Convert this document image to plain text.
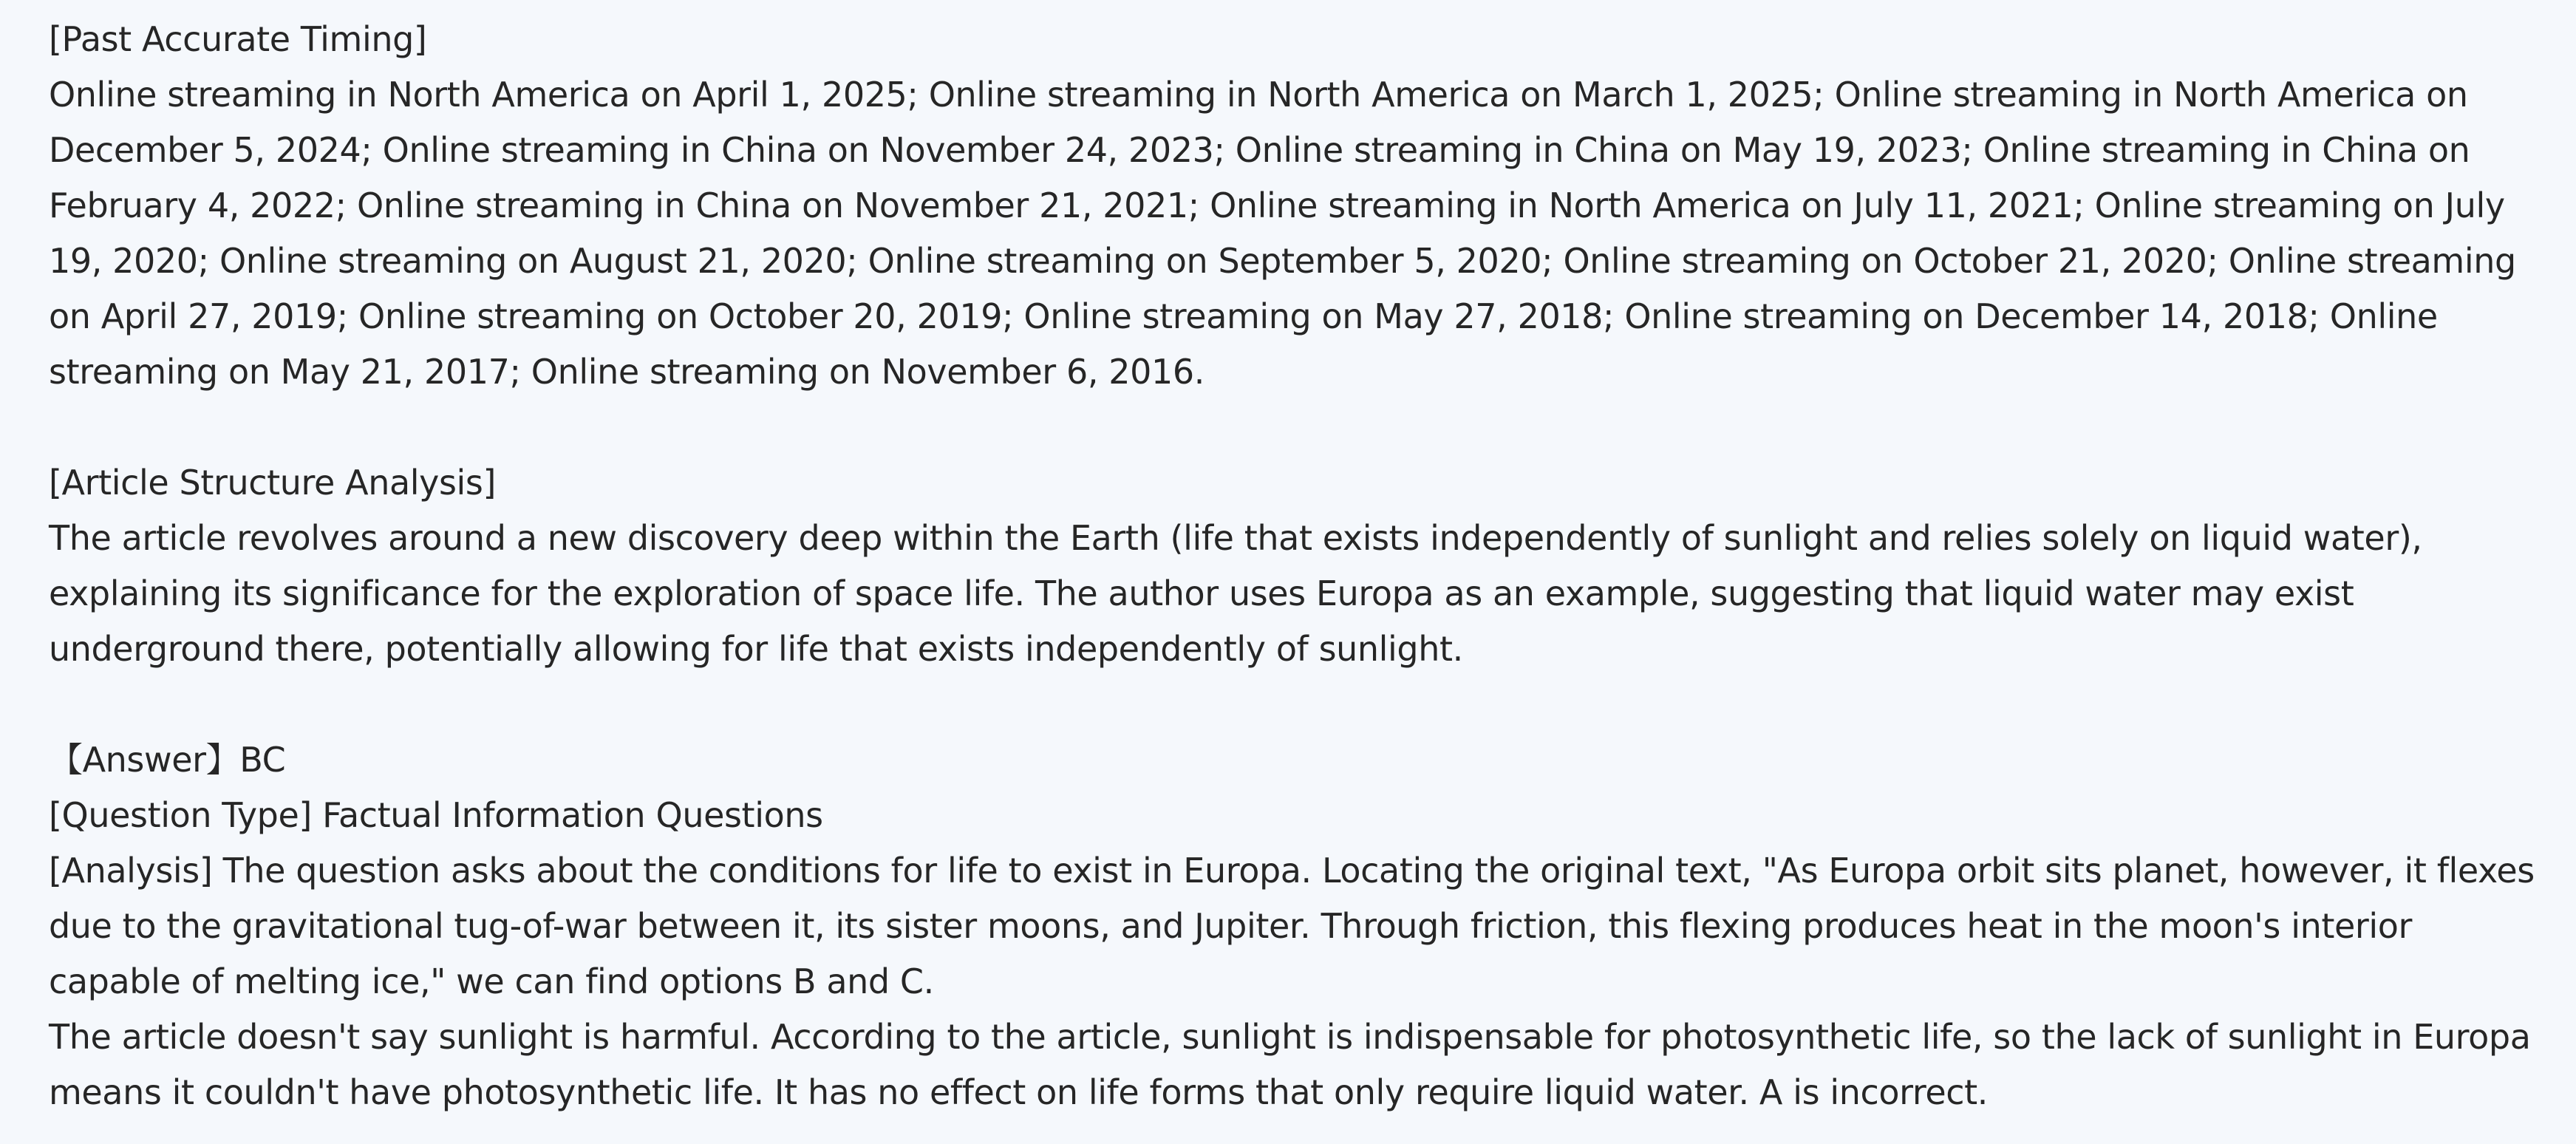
[Past Accurate Timing]

Online streaming in North America on April 1, 2025; Online streaming in North America on March 1, 2025; Online streaming in North America on December 5, 2024; Online streaming in China on November 24, 2023; Online streaming in China on May 19, 2023; Online streaming in China on February 4, 2022; Online streaming in China on November 21, 2021; Online streaming in North America on July 11, 2021; Online streaming on July 19, 2020; Online streaming on August 21, 2020; Online streaming on September 5, 2020; Online streaming on October 21, 2020; Online streaming on April 27, 2019; Online streaming on October 20, 2019; Online streaming on May 27, 2018; Online streaming on December 14, 2018; Online streaming on May 21, 2017; Online streaming on November 6, 2016.

[Article Structure Analysis]

The article revolves around a new discovery deep within the Earth (life that exists independently of sunlight and relies solely on liquid water), explaining its significance for the exploration of space life. The author uses Europa as an example, suggesting that liquid water may exist underground there, potentially allowing for life that exists independently of sunlight.

【Answer】BC

[Question Type] Factual Information Questions

[Analysis] The question asks about the conditions for life to exist in Europa. Locating the original text, "As Europa orbit sits planet, however, it flexes due to the gravitational tug-of-war between it, its sister moons, and Jupiter. Through friction, this flexing produces heat in the moon's interior capable of melting ice," we can find options B and C.

The article doesn't say sunlight is harmful. According to the article, sunlight is indispensable for photosynthetic life, so the lack of sunlight in Europa means it couldn't have photosynthetic life. It has no effect on life forms that only require liquid water. A is incorrect.
